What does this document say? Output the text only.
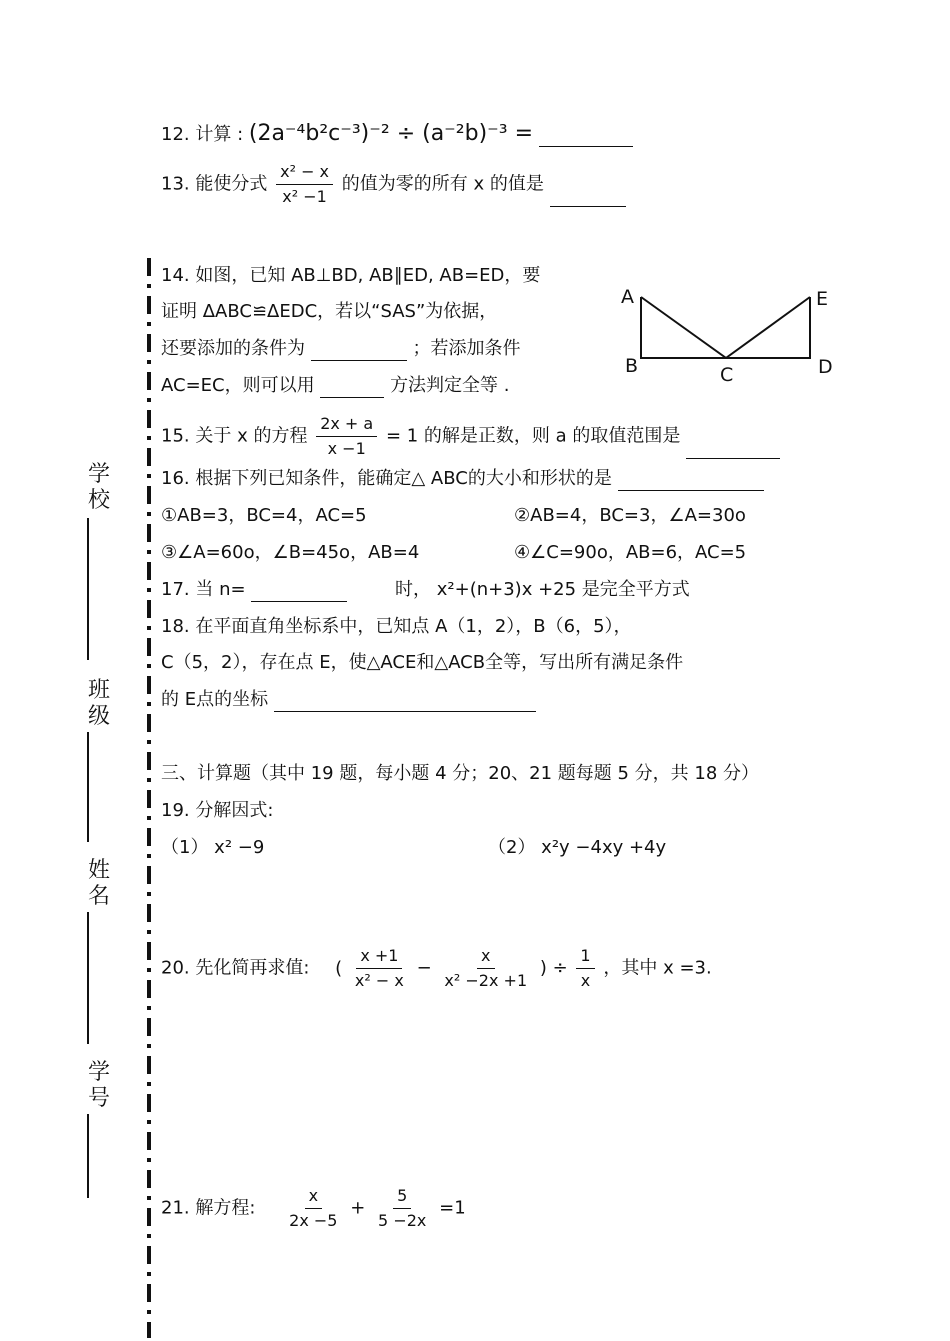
学校
班级
姓名
学号
12. 计算 : (2a⁻⁴b²c⁻³)⁻² ÷ (a⁻²b)⁻³ =
13. 能使分式 $\frac{\text{x² − x}}{\text{x² −1}}$ 的值为零的所有 x 的值是
14. 如图，已知 AB⊥BD, AB∥ED, AB=ED，要
证明 ΔABC≌ΔEDC，若以“SAS”为依据，
还要添加的条件为	；若添加条件
AC=EC，则可以用	方法判定全等 .
A	E
B	C	D
15. 关于 x 的方程 $\frac{2x + a}{x -1} = 1$ 的解是正数，则 a 的取值范围是
16. 根据下列已知条件，能确定△ ABC的大小和形状的是
①AB=3，BC=4，AC=5	②AB=4，BC=3，∠A=30o
③∠A=60o，∠B=45o，AB=4	④∠C=90o，AB=6，AC=5
17. 当 n=	时， x²+(n+3)x +25 是完全平方式
18. 在平面直角坐标系中，已知点 A（1，2），B（6，5），
C（5，2），存在点 E，使△ACE和△ACB全等，写出所有满足条件
的 E点的坐标
三、计算题（其中 19 题，每小题 4 分；20、21 题每题 5 分，共 18 分）
19. 分解因式:
（1） x² −9	（2） x²y −4xy +4y
20. 先化简再求值: ( $\frac{x +1}{\text{x² − x}} - \frac{x}{\text{x² −2x +1}}$ ) ÷ $\frac{1}{x}$ ，其中 x =3.
21. 解方程: $\frac{x}{2x -5} + \frac{5}{5 -2x} =1$
